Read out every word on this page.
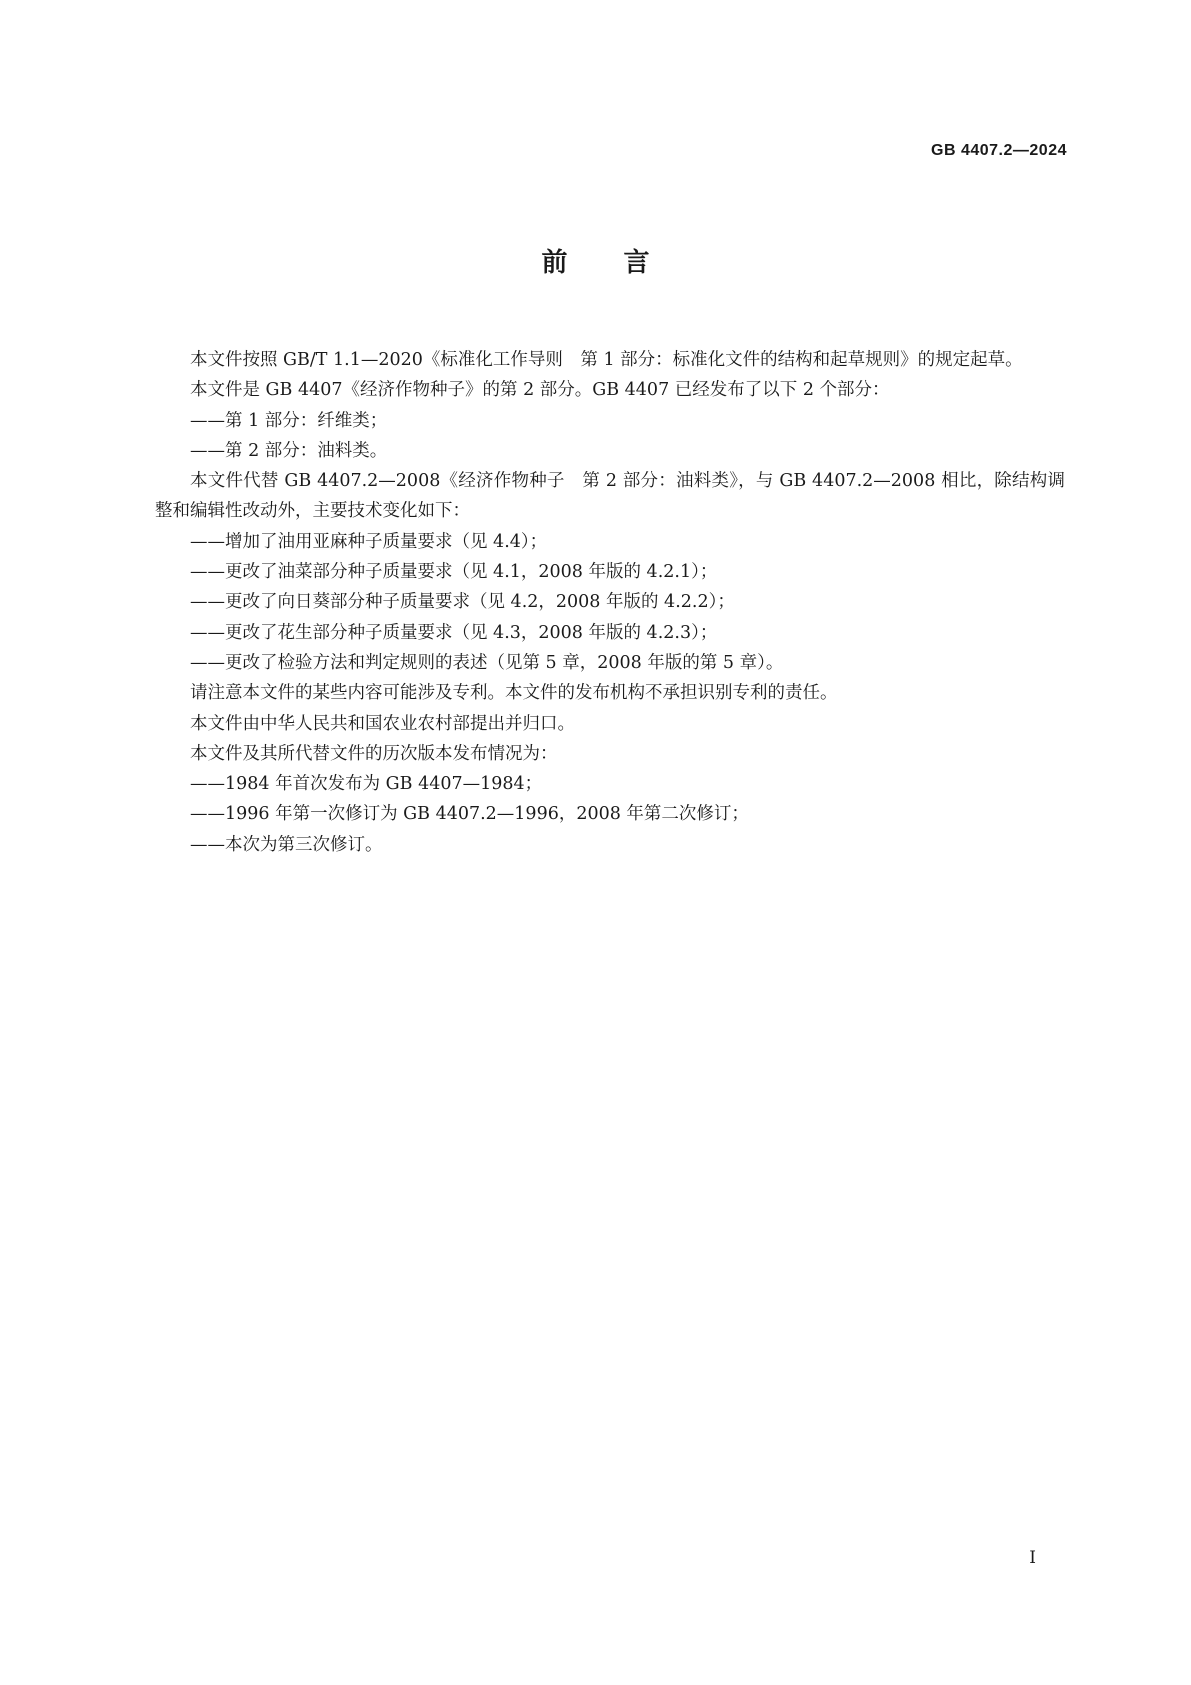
GB 4407.2—2024
前言

本文件按照 GB/T 1.1—2020《标准化工作导则　第 1 部分：标准化文件的结构和起草规则》的规定起草。

本文件是 GB 4407《经济作物种子》的第 2 部分。GB 4407 已经发布了以下 2 个部分：

——第 1 部分：纤维类；

——第 2 部分：油料类。

本文件代替 GB 4407.2—2008《经济作物种子　第 2 部分：油料类》，与 GB 4407.2—2008 相比，除结构调整和编辑性改动外，主要技术变化如下：

——增加了油用亚麻种子质量要求（见 4.4）；

——更改了油菜部分种子质量要求（见 4.1，2008 年版的 4.2.1）；

——更改了向日葵部分种子质量要求（见 4.2，2008 年版的 4.2.2）；

——更改了花生部分种子质量要求（见 4.3，2008 年版的 4.2.3）；

——更改了检验方法和判定规则的表述（见第 5 章，2008 年版的第 5 章）。

请注意本文件的某些内容可能涉及专利。本文件的发布机构不承担识别专利的责任。

本文件由中华人民共和国农业农村部提出并归口。

本文件及其所代替文件的历次版本发布情况为：

——1984 年首次发布为 GB 4407—1984；

——1996 年第一次修订为 GB 4407.2—1996，2008 年第二次修订；

——本次为第三次修订。

I
